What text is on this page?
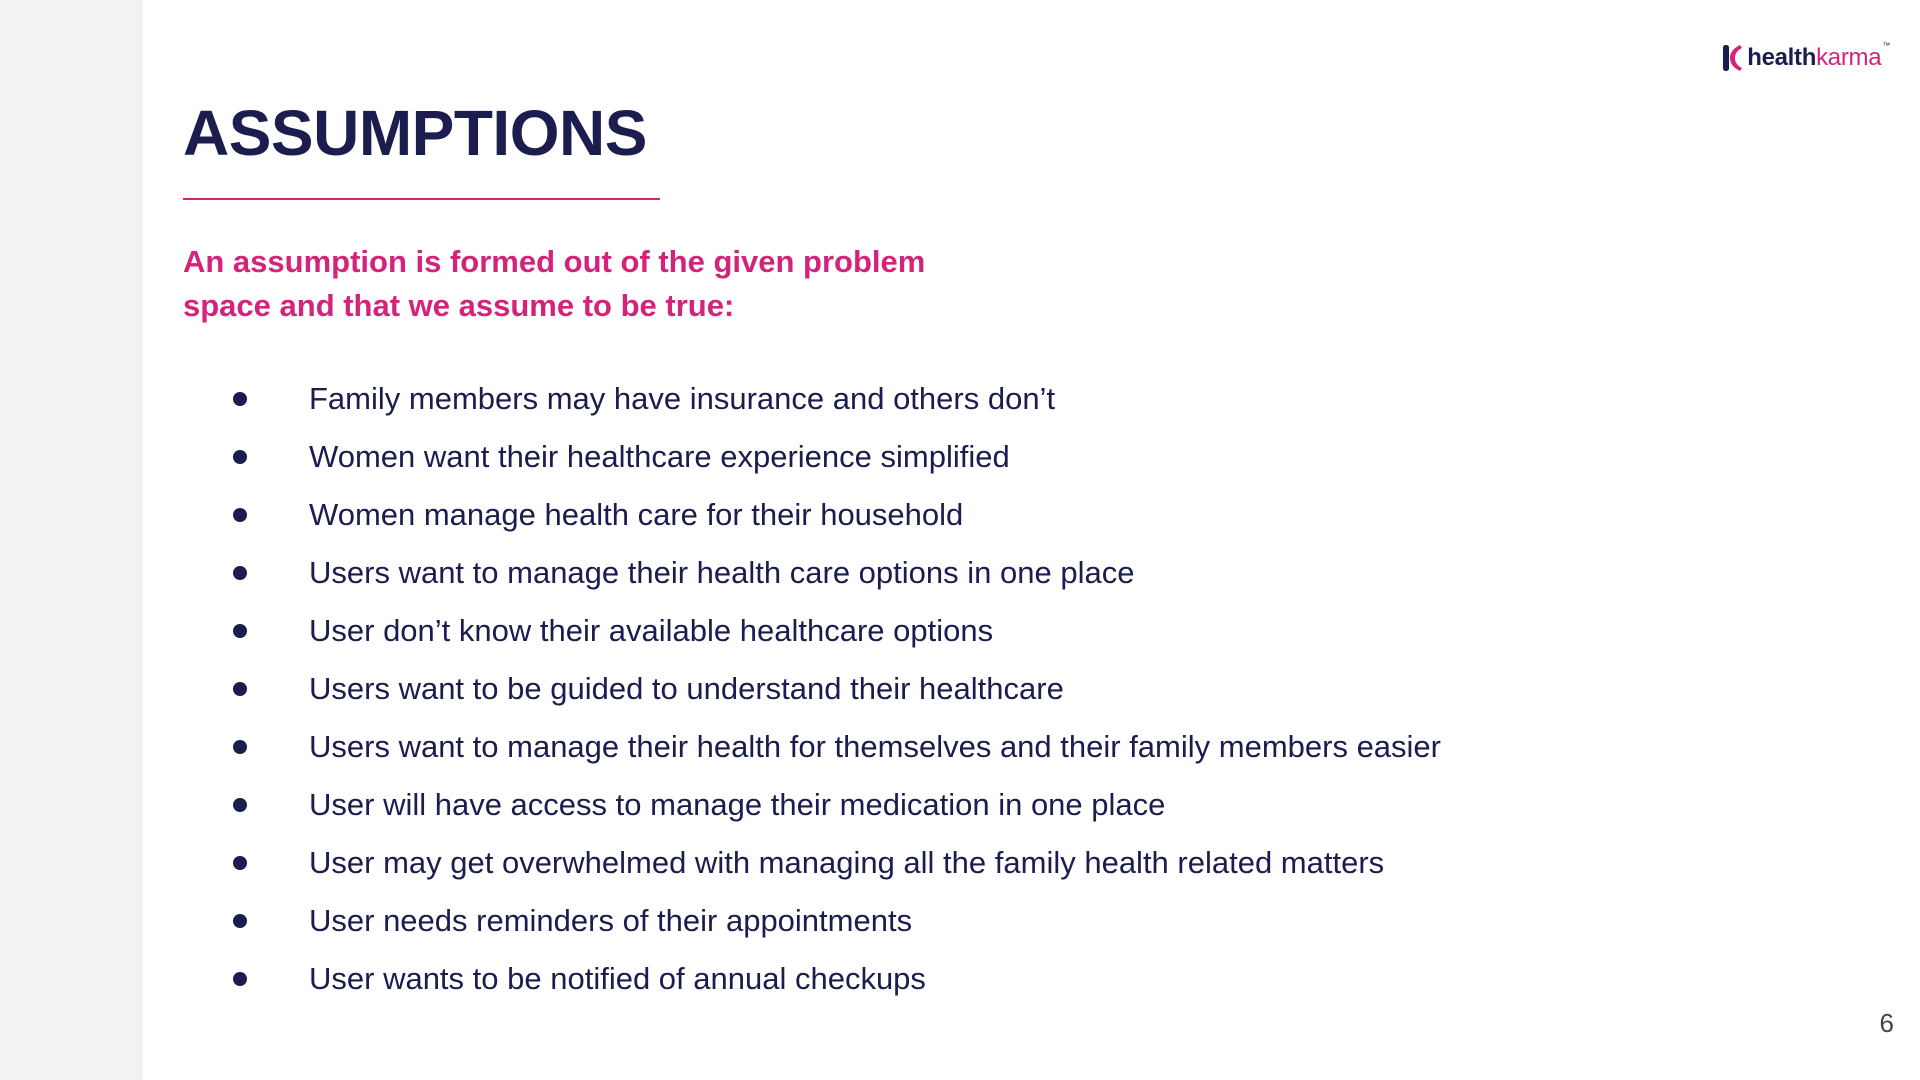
healthkarma™
ASSUMPTIONS

An assumption is formed out of the given problem space and that we assume to be true:

Family members may have insurance and others don’t
Women want their healthcare experience simplified
Women manage health care for their household
Users want to manage their health care options in one place
User don’t know their available healthcare options
Users want to be guided to understand their healthcare
Users want to manage their health for themselves and their family members easier
User will have access to manage their medication in one place
User may get overwhelmed with managing all the family health related matters
User needs reminders of their appointments
User wants to be notified of annual checkups
6
